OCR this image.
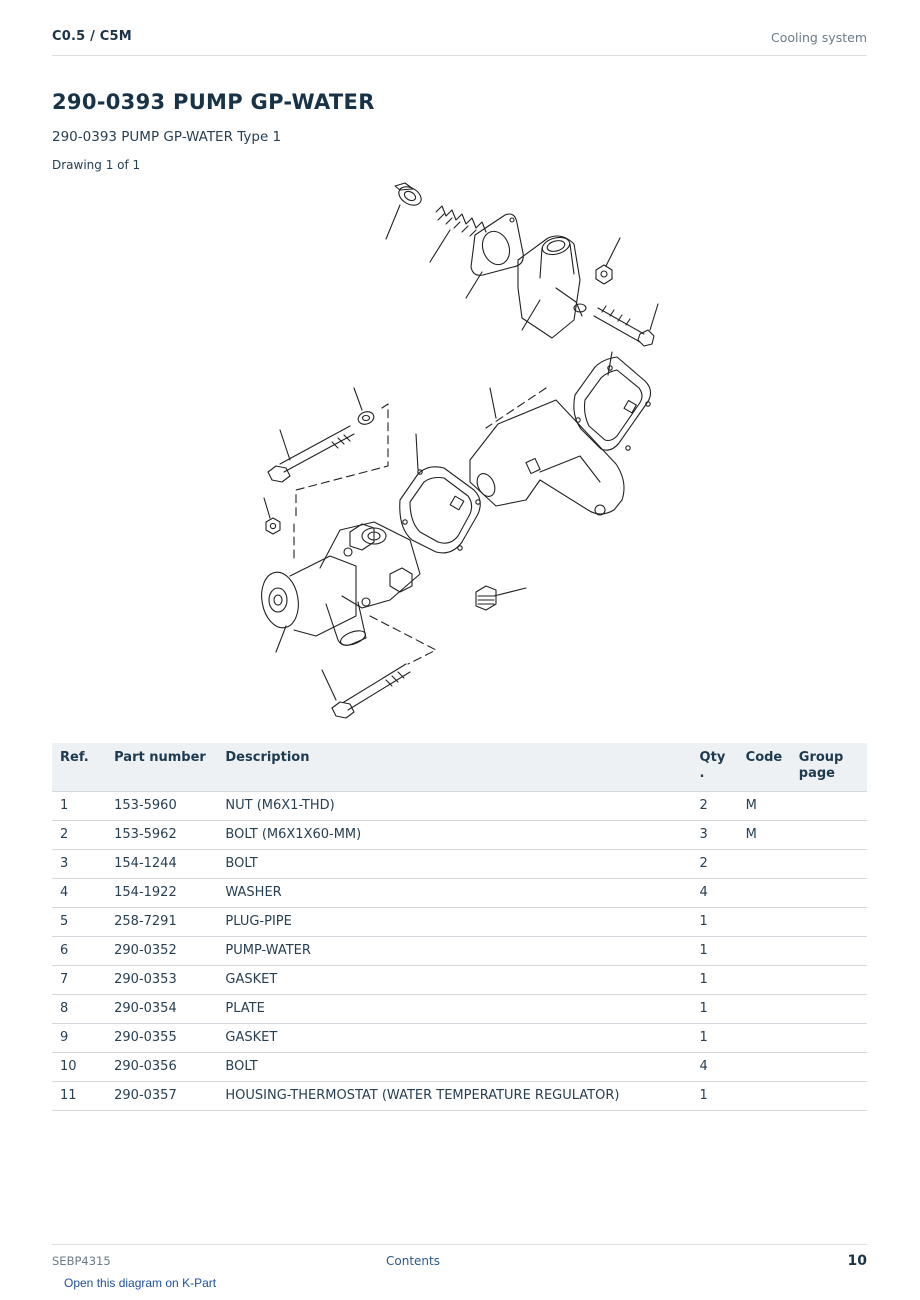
C0.5 / C5M	Cooling system
290-0393 PUMP GP-WATER
290-0393 PUMP GP-WATER Type 1
Drawing 1 of 1
Ref.	Part number	Description	Qty .	Code	Group page
1	153-5960	NUT (M6X1-THD)	2	M	
2	153-5962	BOLT (M6X1X60-MM)	3	M	
3	154-1244	BOLT	2		
4	154-1922	WASHER	4		
5	258-7291	PLUG-PIPE	1		
6	290-0352	PUMP-WATER	1		
7	290-0353	GASKET	1		
8	290-0354	PLATE	1		
9	290-0355	GASKET	1		
10	290-0356	BOLT	4		
11	290-0357	HOUSING-THERMOSTAT (WATER TEMPERATURE REGULATOR)	1		
SEBP4315	Contents	10
Open this diagram on K-Part
